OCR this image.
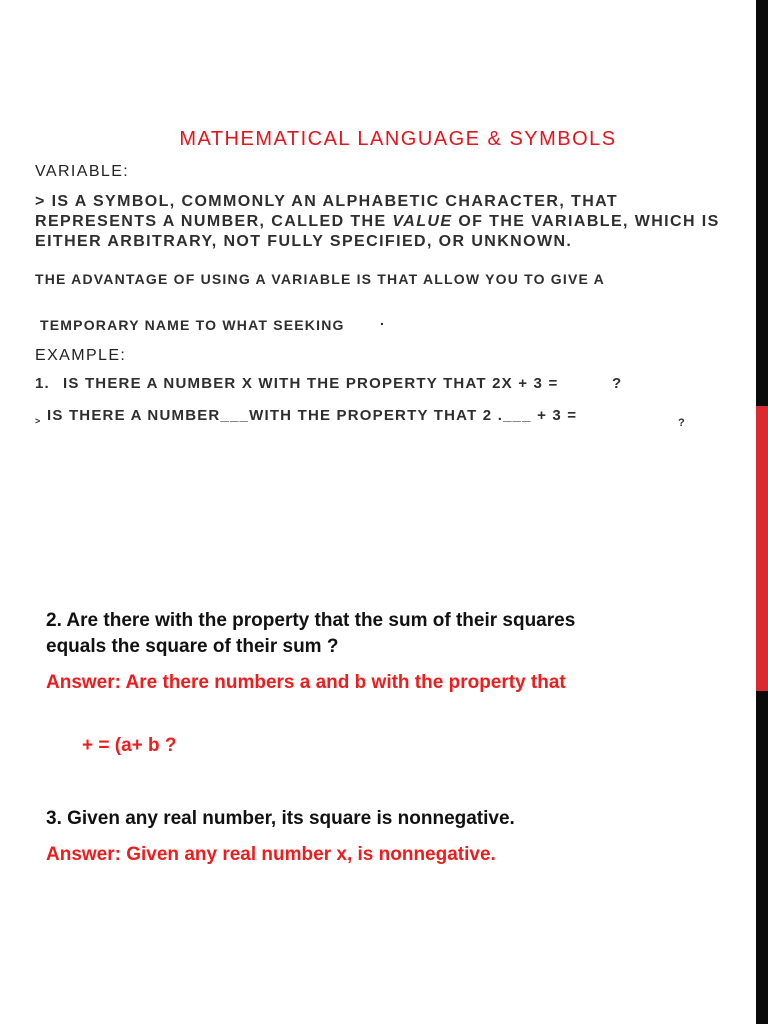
MATHEMATICAL LANGUAGE & SYMBOLS
VARIABLE:
> IS A SYMBOL, COMMONLY AN ALPHABETIC CHARACTER, THAT
REPRESENTS A NUMBER, CALLED THE VALUE OF THE VARIABLE, WHICH IS
EITHER ARBITRARY, NOT FULLY SPECIFIED, OR UNKNOWN.
THE ADVANTAGE OF USING A VARIABLE IS THAT ALLOW YOU TO GIVE A
TEMPORARY NAME TO WHAT SEEKING	.
EXAMPLE:
1. IS THERE A NUMBER X WITH THE PROPERTY THAT 2X + 3 =	?
> IS THERE A NUMBER___WITH THE PROPERTY THAT 2 .___ + 3 =	?
2. Are there with the property that the sum of their squares
equals the square of their sum ?
Answer: Are there numbers a and b with the property that
+ = (a+ b ?
3. Given any real number, its square is nonnegative.
Answer: Given any real number x, is nonnegative.
